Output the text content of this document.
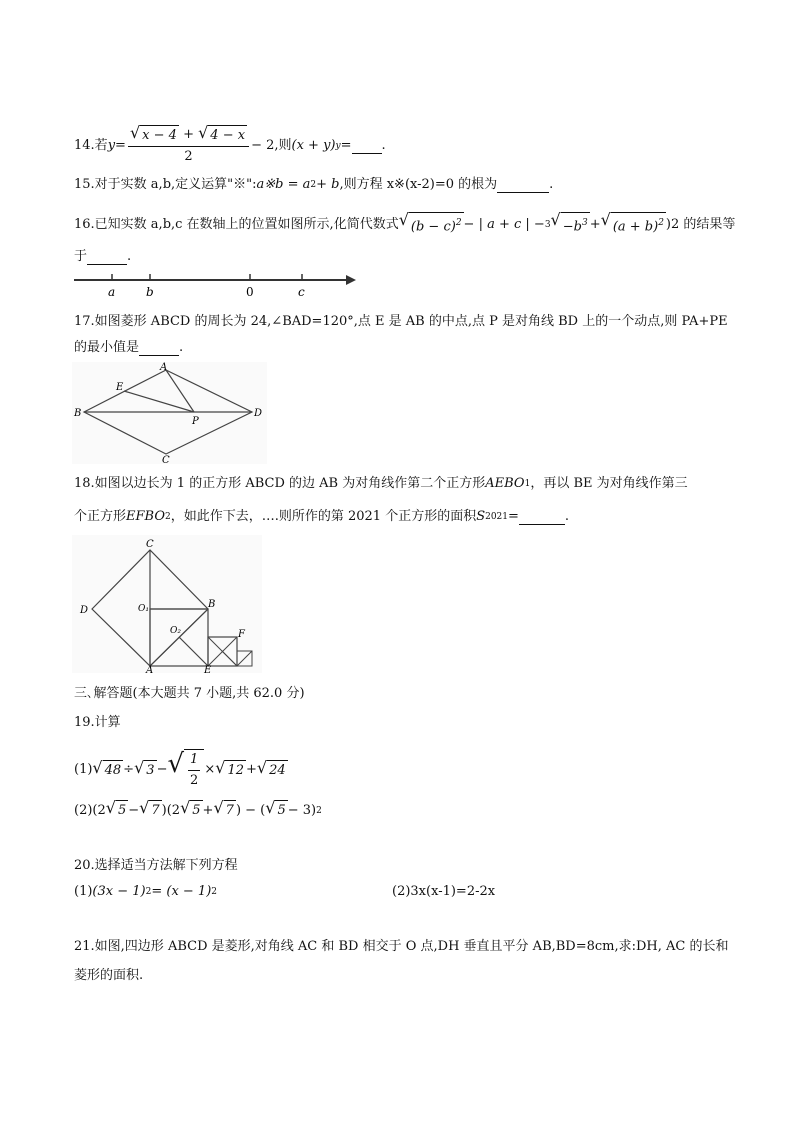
14.若 $y = \frac{√ x - 4 + √ 4 - x}{2} - 2$, 则 (x + y) y = .
15.对于实数 a,b,定义运算"※": a※b = a 2 + b ,则方程 x※(x-2)=0 的根为	.
16.已知实数 a,b,c 在数轴上的位置如图所示,化简代数式 √ $(b - c)^2$ − | a + c | − 3 √ $-b^3$ + √ $(a + b)^2$ )2 的结果等
于	.
a	b	0	c
17.如图菱形 ABCD 的周长为 24,∠BAD=120°,点 E 是 AB 的中点,点 P 是对角线 BD 上的一个动点,则 PA+PE
的最小值是	.
A
B
C
D
E
P
18.如图以边长为 1 的正方形 ABCD 的边 AB 为对角线作第二个正方形 AEBO 1 ，再以 BE 为对角线作第三
个正方形 EFBO 2 ，如此作下去，….则所作的第 2021 个正方形的面积 S 2021 =	.
C
D	O₁	B
O₂	F
A	E
三､解答题(本大题共 7 小题,共 62.0 分)
19.计算
(1) √ 48 ÷ √ 3 − √ $\frac{1}{2}$ × √ 12 + √ 24
(2) (2 √ 5 − √ 7 )(2 √ 5 + √ 7 ) − ( √ 5 − 3) 2
20.选择适当方法解下列方程
(1) (3x − 1) 2 = (x − 1) 2	(2)3x(x-1)=2-2x
21.如图,四边形 ABCD 是菱形,对角线 AC 和 BD 相交于 O 点,DH 垂直且平分 AB,BD=8cm,求:DH, AC 的长和
菱形的面积.
